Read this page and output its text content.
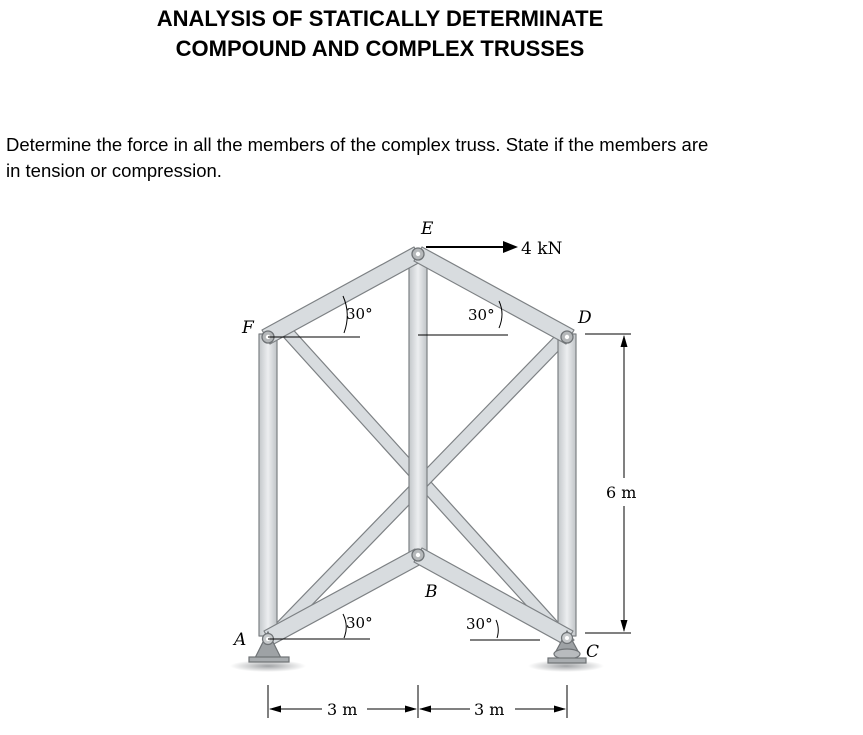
ANALYSIS OF STATICALLY DETERMINATE
COMPOUND AND COMPLEX TRUSSES
Determine the force in all the members of the complex truss. State if the members are
in tension or compression.
4 kN
E
F	D
B
A
C
30°	30°
30°	30°
6 m
3 m	3 m
